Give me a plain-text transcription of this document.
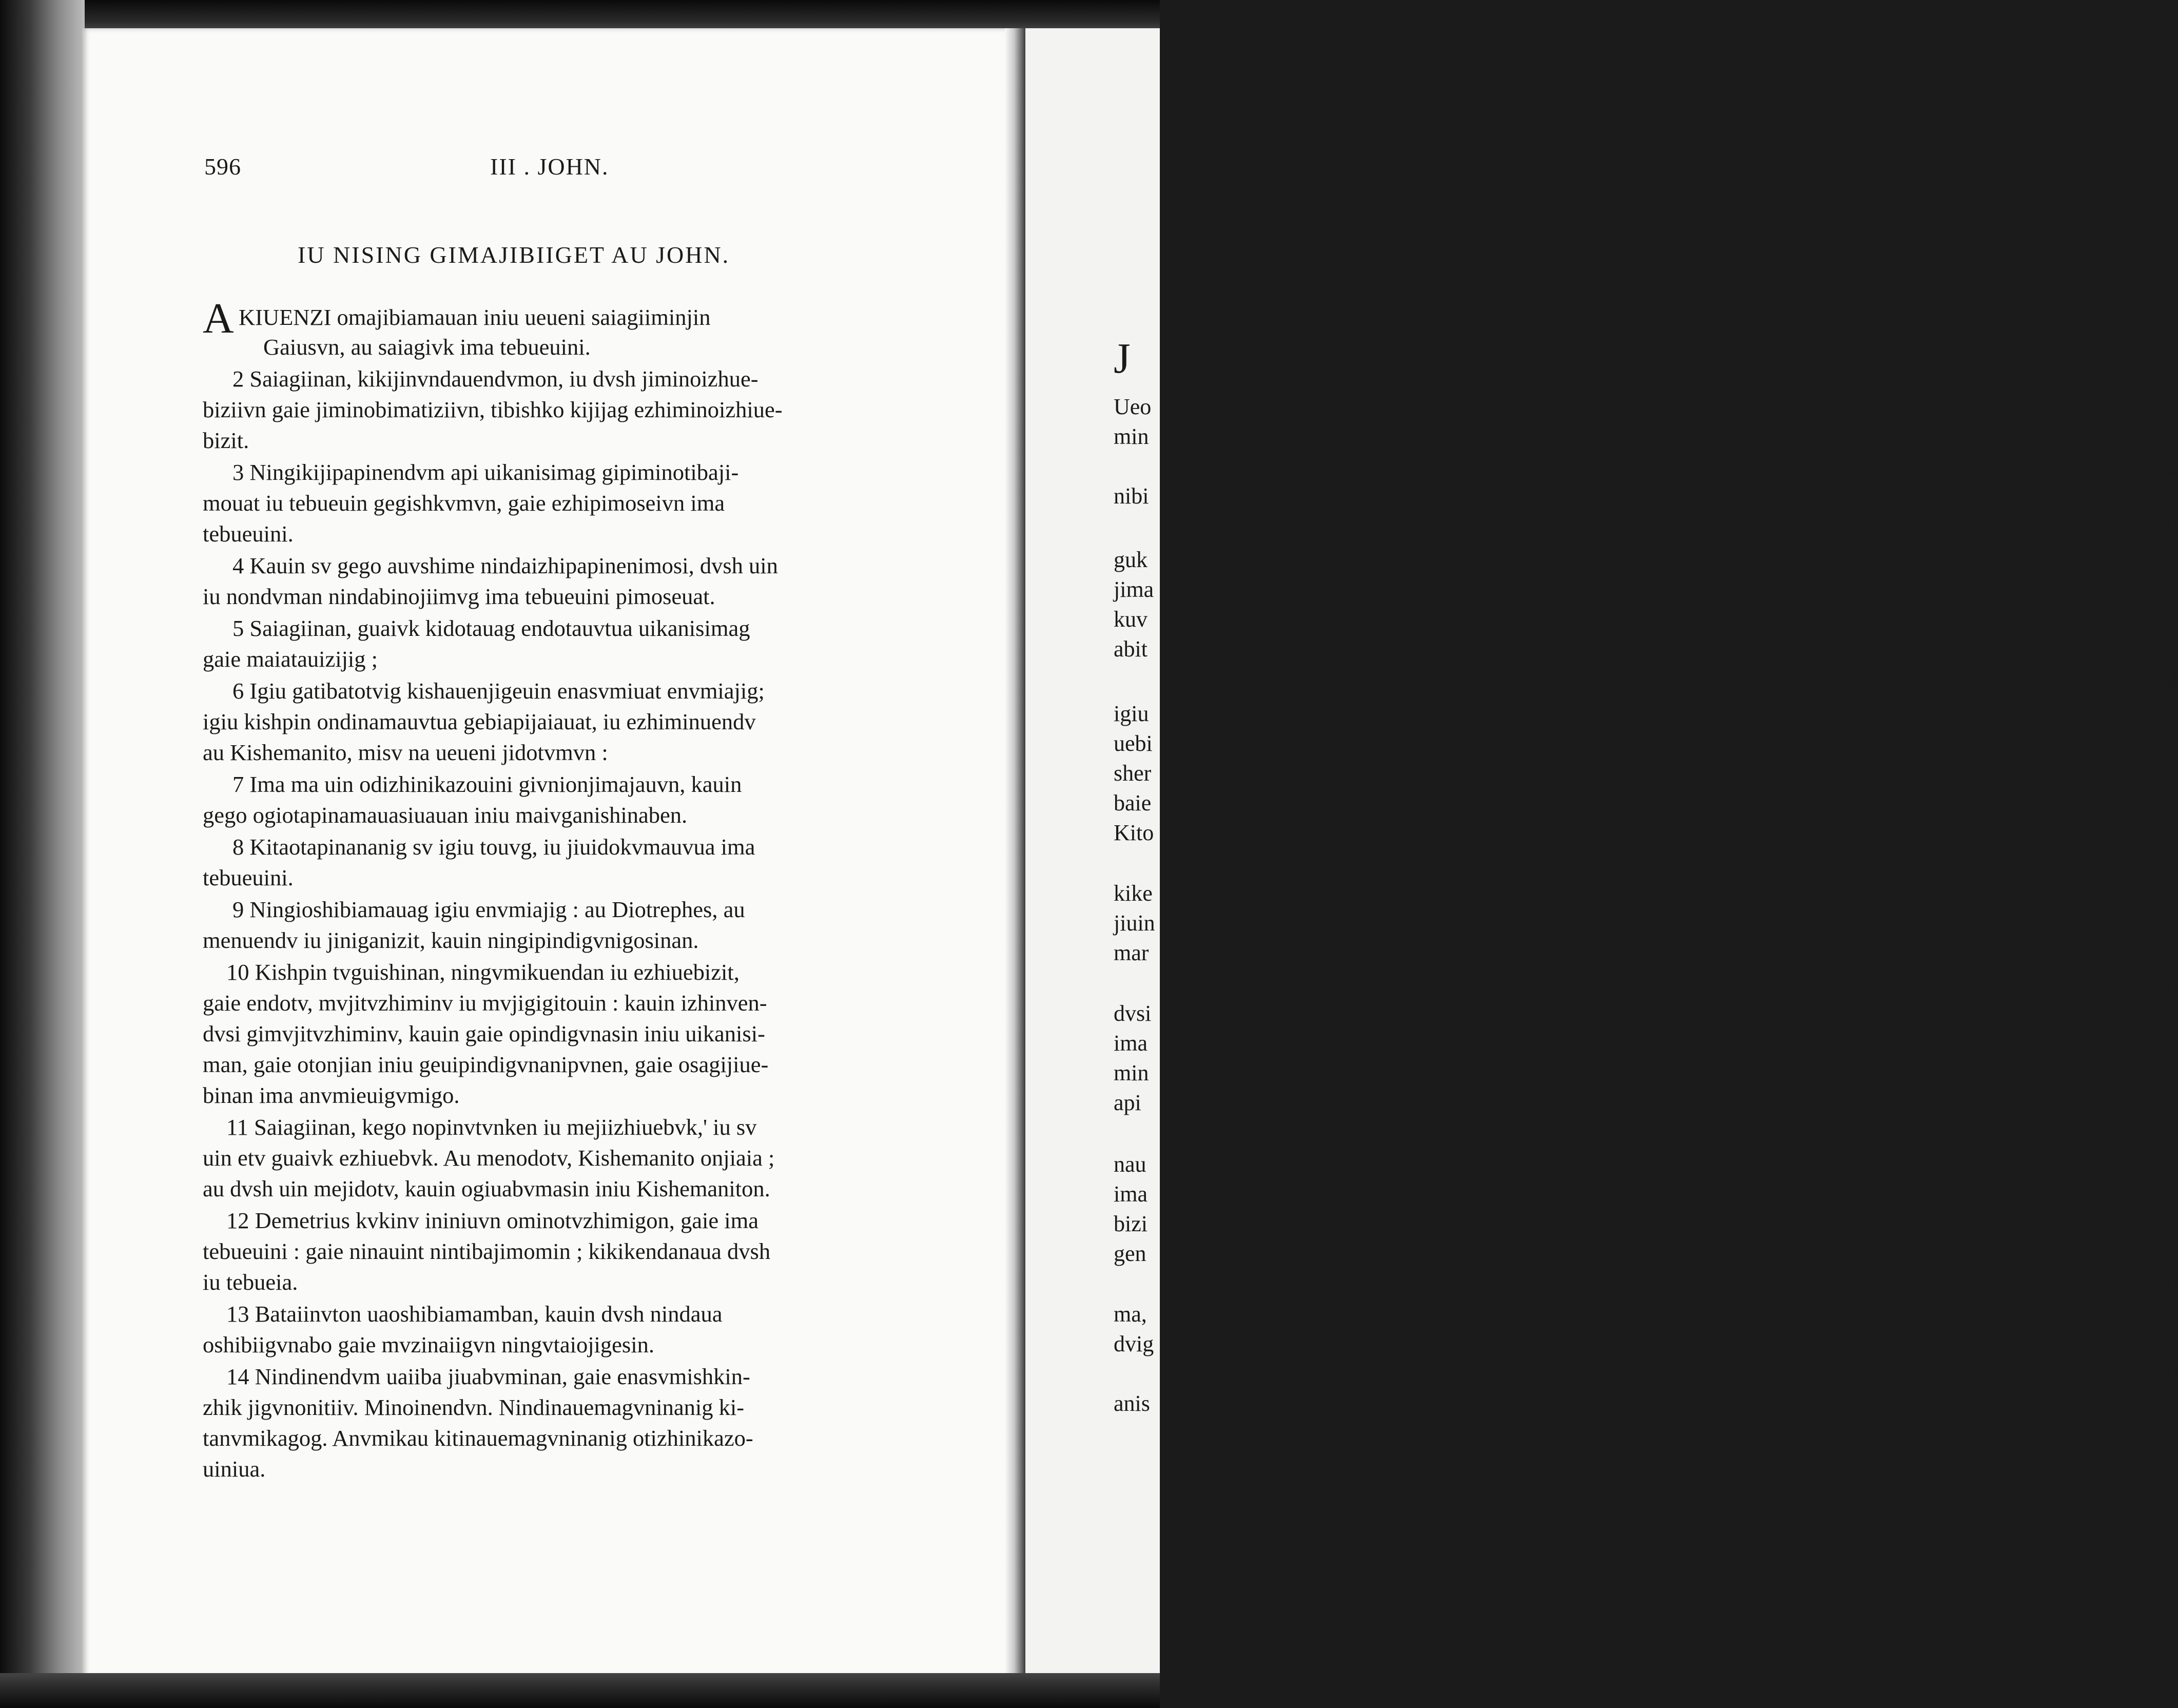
J
Ueo
min
2
nibi
3
guk
jima
kuv
abit
4
igiu
uebi
sher
baie
Kito
5
kike
jiuin
mar
6
dvsi
ima
min
api
7
nau
ima
bizi
gen
8
ma,
dvig
9
anis
596	III . JOHN.
IU NISING GIMAJIBIIGET AU JOHN.
A KIUENZI omajibiamauan iniu ueueni saiagiiminjin
Gaiusvn, au saiagivk ima tebueuini.
2 Saiagiinan, kikijinvndauendvmon, iu dvsh jiminoizhue-
biziivn gaie jiminobimatiziivn, tibishko kijijag ezhiminoizhiue-
bizit.
3 Ningikijipapinendvm api uikanisimag gipiminotibaji-
mouat iu tebueuin gegishkvmvn, gaie ezhipimoseivn ima
tebueuini.
4 Kauin sv gego auvshime nindaizhipapinenimosi, dvsh uin
iu nondvman nindabinojiimvg ima tebueuini pimoseuat.
5 Saiagiinan, guaivk kidotauag endotauvtua uikanisimag
gaie maiatauizijig ;
6 Igiu gatibatotvig kishauenjigeuin enasvmiuat envmiajig;
igiu kishpin ondinamauvtua gebiapijaiauat, iu ezhiminuendv
au Kishemanito, misv na ueueni jidotvmvn :
7 Ima ma uin odizhinikazouini givnionjimajauvn, kauin
gego ogiotapinamauasiuauan iniu maivganishinaben.
8 Kitaotapinananig sv igiu touvg, iu jiuidokvmauvua ima
tebueuini.
9 Ningioshibiamauag igiu envmiajig : au Diotrephes, au
menuendv iu jiniganizit, kauin ningipindigvnigosinan.
10 Kishpin tvguishinan, ningvmikuendan iu ezhiuebizit,
gaie endotv, mvjitvzhiminv iu mvjigigitouin : kauin izhinven-
dvsi gimvjitvzhiminv, kauin gaie opindigvnasin iniu uikanisi-
man, gaie otonjian iniu geuipindigvnanipvnen, gaie osagijiue-
binan ima anvmieuigvmigo.
11 Saiagiinan, kego nopinvtvnken iu mejiizhiuebvk,' iu sv
uin etv guaivk ezhiuebvk. Au menodotv, Kishemanito onjiaia ;
au dvsh uin mejidotv, kauin ogiuabvmasin iniu Kishemaniton.
12 Demetrius kvkinv ininiuvn ominotvzhimigon, gaie ima
tebueuini : gaie ninauint nintibajimomin ; kikikendanaua dvsh
iu tebueia.
13 Bataiinvton uaoshibiamamban, kauin dvsh nindaua
oshibiigvnabo gaie mvzinaiigvn ningvtaiojigesin.
14 Nindinendvm uaiiba jiuabvminan, gaie enasvmishkin-
zhik jigvnonitiiv. Minoinendvn. Nindinauemagvninanig ki-
tanvmikagog. Anvmikau kitinauemagvninanig otizhinikazo-
uiniua.
